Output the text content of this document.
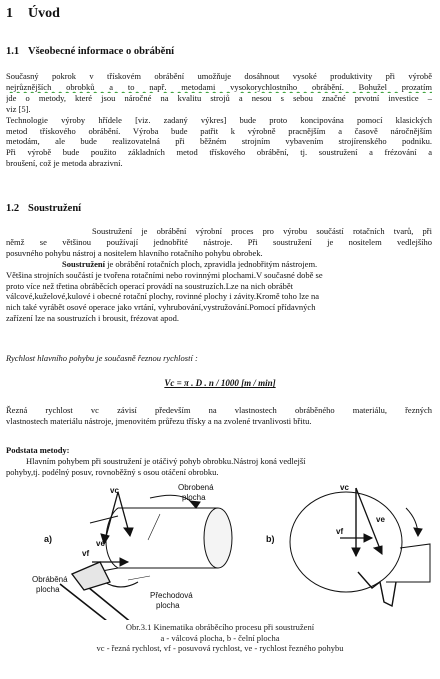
1 Úvod
1.1 Všeobecné informace o obrábění
Současný pokrok v třískovém obrábění umožňuje dosáhnout vysoké produktivity při výrobě
nejrůznějších obrobků a to např. metodami vysokorychlostního obrábění. Bohužel prozatím
jde o metody, které jsou náročné na kvalitu strojů a nesou s sebou značné prvotní investice –
viz [5].
Technologie výroby hřídele [viz. zadaný výkres] bude proto koncipována pomocí klasických
metod třískového obrábění. Výroba bude patřit k výrobně pracnějším a časově náročnějším
metodám, ale bude realizovatelná při běžném strojním vybavením strojírenského podniku.
Při výrobě bude použito základních metod třískového obrábění, tj. soustružení a frézování a
broušení, což je metoda abrazivní.
1.2 Soustružení
Soustružení je obrábění výrobní proces pro výrobu součástí rotačních tvarů, při
němž se většinou používají jednobřité nástroje. Při soustružení je nositelem vedlejšího
posuvného pohybu nástroj a nositelem hlavního rotačního pohybu obrobek.
Soustružení je obrábění rotačních ploch, zpravidla jednobřitým nástrojem.
Většina strojních součástí je tvořena rotačními nebo rovinnými plochami.V současné době se
proto více než třetina obráběcích operací provádí na soustruzích.Lze na nich obrábět
válcové,kuželové,kulové i obecné rotační plochy, rovinné plochy i závity.Kromě toho lze na
nich také vyrábět osové operace jako vrtání, vyhrubování,vystružování.Pomocí přídavných
zařízení lze na soustruzích i brousit, frézovat apod.
Rychlost hlavního pohybu je současně řeznou rychlostí :
Vc = π . D . n / 1000 [m / min]
Řezná rychlost vc závisí především na vlastnostech obráběného materiálu, řezných
vlastnostech materiálu nástroje, jmenovitém průřezu třísky a na zvolené trvanlivosti břitu.
Podstata metody:
Hlavním pohybem při soustružení je otáčivý pohyb obrobku.Nástroj koná vedlejší
pohyby,tj. podélný posuv, rovnoběžný s osou otáčení obrobku.
a)
vc
vf
ve
Obrobená
plocha
Obráběná
plocha
Přechodová
plocha
b)
vc
ve
vf
Obr.3.1 Kinematika obráběcího procesu při soustružení
a - válcová plocha, b - čelní plocha
vc - řezná rychlost, vf - posuvová rychlost, ve - rychlost řezného pohybu
